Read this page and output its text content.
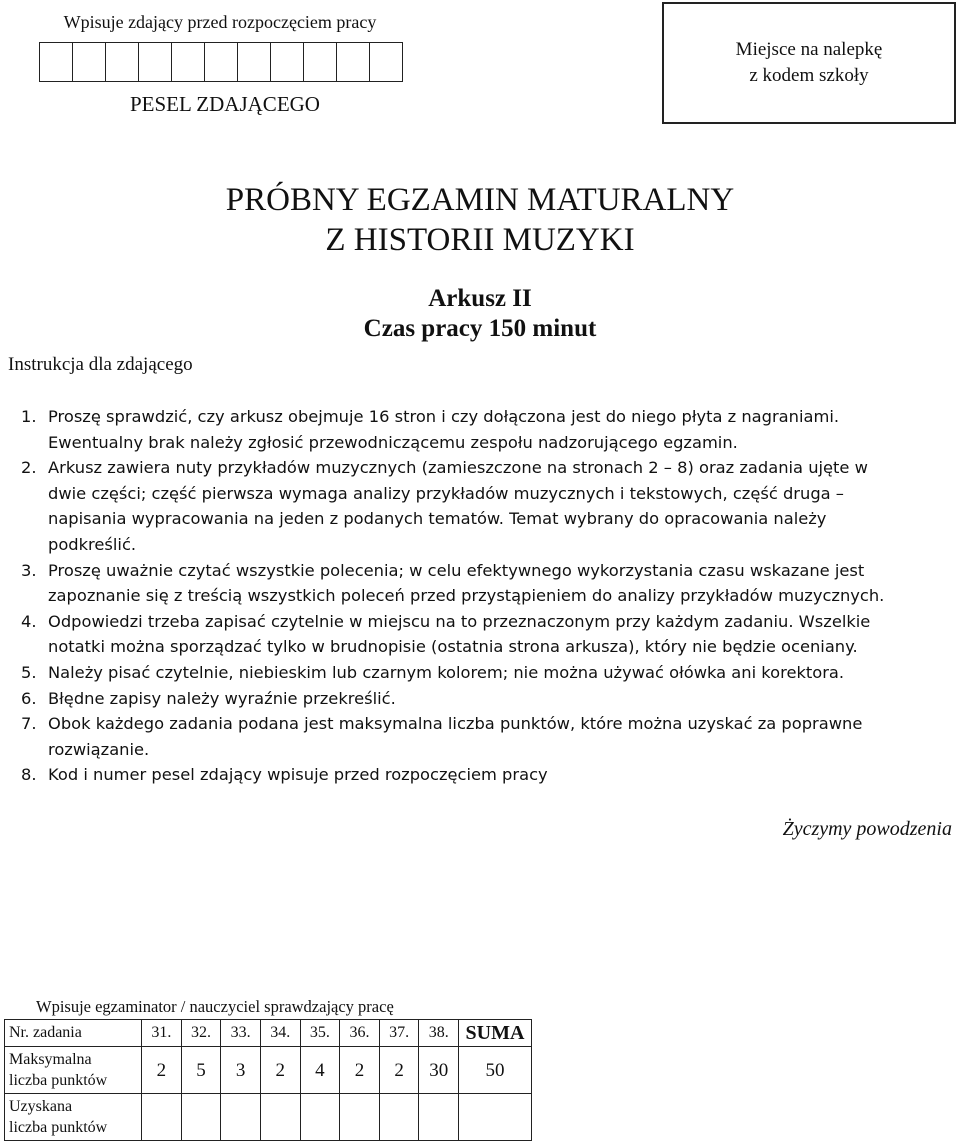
Wpisuje zdający przed rozpoczęciem pracy
PESEL ZDAJĄCEGO
Miejsce na nalepkę
z kodem szkoły
PRÓBNY EGZAMIN MATURALNY
Z HISTORII MUZYKI
Arkusz II
Czas pracy 150 minut
Instrukcja dla zdającego
1. Proszę sprawdzić, czy arkusz obejmuje 16 stron i czy dołączona jest do niego płyta z nagraniami.
Ewentualny brak należy zgłosić przewodniczącemu zespołu nadzorującego egzamin.
2. Arkusz zawiera nuty przykładów muzycznych (zamieszczone na stronach 2 – 8) oraz zadania ujęte w
dwie części; część pierwsza wymaga analizy przykładów muzycznych i tekstowych, część druga –
napisania wypracowania na jeden z podanych tematów. Temat wybrany do opracowania należy
podkreślić.
3. Proszę uważnie czytać wszystkie polecenia; w celu efektywnego wykorzystania czasu wskazane jest
zapoznanie się z treścią wszystkich poleceń przed przystąpieniem do analizy przykładów muzycznych.
4. Odpowiedzi trzeba zapisać czytelnie w miejscu na to przeznaczonym przy każdym zadaniu. Wszelkie
notatki można sporządzać tylko w brudnopisie (ostatnia strona arkusza), który nie będzie oceniany.
5. Należy pisać czytelnie, niebieskim lub czarnym kolorem; nie można używać ołówka ani korektora.
6. Błędne zapisy należy wyraźnie przekreślić.
7. Obok każdego zadania podana jest maksymalna liczba punktów, które można uzyskać za poprawne
rozwiązanie.
8. Kod i numer pesel zdający wpisuje przed rozpoczęciem pracy
Życzymy powodzenia
Wpisuje egzaminator / nauczyciel sprawdzający pracę
Nr. zadania	31.	32.	33.	34.	35.	36.	37.	38.	SUMA

Maksymalna
liczba punktów	2	5	3	2	4	2	2	30	50

Uzyskana
liczba punktów									
